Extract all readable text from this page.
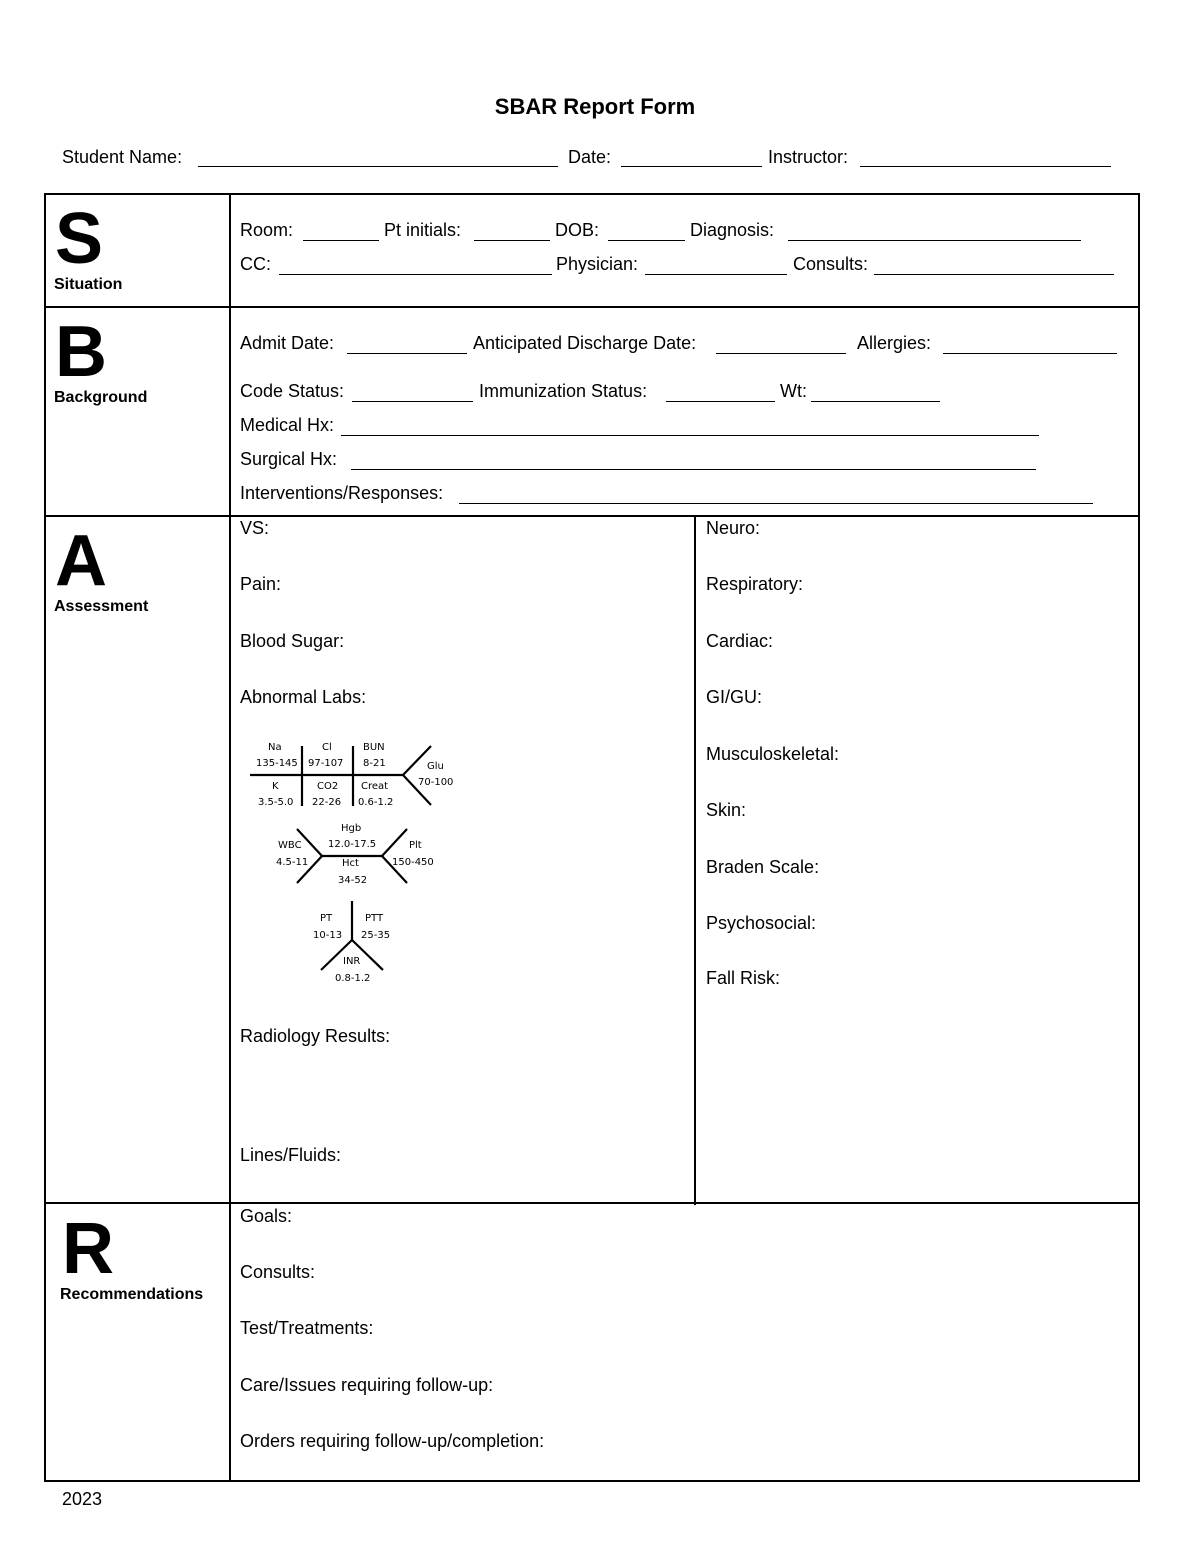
SBAR Report Form
Student Name:	Date:	Instructor:
S
Situation
Room:	Pt initials:	DOB:	Diagnosis:
CC:	Physician:	Consults:
B
Background
Admit Date:	Anticipated Discharge Date:	Allergies:
Code Status:	Immunization Status:	Wt:
Medical Hx:
Surgical Hx:
Interventions/Responses:
A
Assessment
VS:
Pain:
Blood Sugar:
Abnormal Labs:
Na
135-145
Cl
97-107
BUN
8-21	Glu
70-100
K
3.5-5.0
CO2
22-26
Creat
0.6-1.2
Hgb
12.0-17.5
WBC
4.5-11
Plt
150-450
Hct
34-52
PT
10-13
PTT
25-35
INR
0.8-1.2
Radiology Results:
Lines/Fluids:
Neuro:
Respiratory:
Cardiac:
GI/GU:
Musculoskeletal:
Skin:
Braden Scale:
Psychosocial:
Fall Risk:
R
Recommendations
Goals:
Consults:
Test/Treatments:
Care/Issues requiring follow-up:
Orders requiring follow-up/completion:
2023
